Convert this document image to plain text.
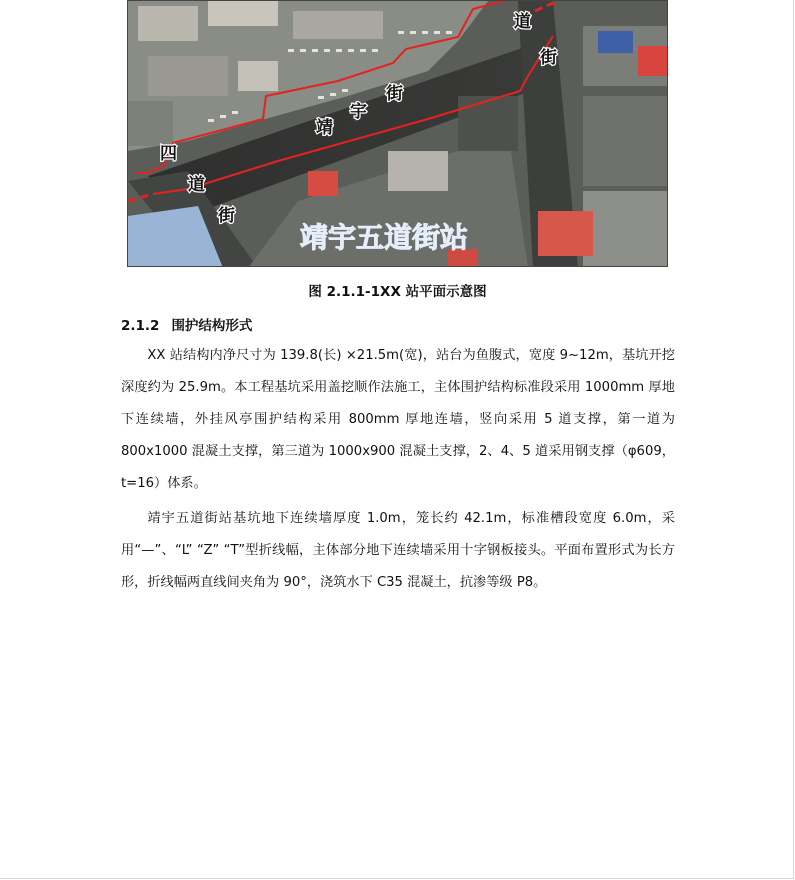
道
街
靖
宇
街
四
道
街
靖宇五道街站
图 2.1.1-1XX 站平面示意图
2.1.2 围护结构形式

XX 站结构内净尺寸为 139.8(长) ×21.5m(宽)，站台为鱼腹式，宽度 9~12m，基坑开挖深度约为 25.9m。本工程基坑采用盖挖顺作法施工，主体围护结构标准段采用 1000mm 厚地下连续墙，外挂风亭围护结构采用 800mm 厚地连墙，竖向采用 5 道支撑，第一道为 800x1000 混凝土支撑，第三道为 1000x900 混凝土支撑，2、4、5 道采用钢支撑（φ609，t=16）体系。

靖宇五道街站基坑地下连续墙厚度 1.0m，笼长约 42.1m，标准槽段宽度 6.0m，采用“—”、“L” “Z” “T”型折线幅，主体部分地下连续墙采用十字钢板接头。平面布置形式为长方形，折线幅两直线间夹角为 90°，浇筑水下 C35 混凝土，抗渗等级 P8。
